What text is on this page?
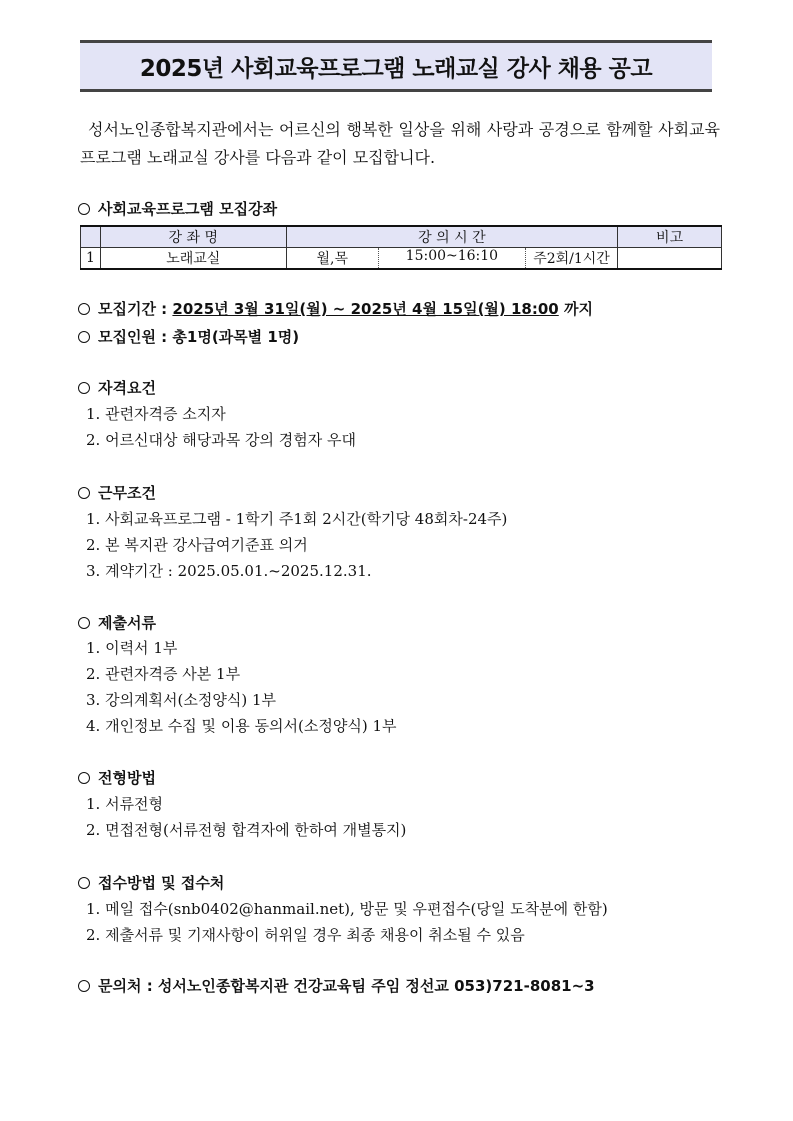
2025년 사회교육프로그램 노래교실 강사 채용 공고

성서노인종합복지관에서는 어르신의 행복한 일상을 위해 사랑과 공경으로 함께할 사회교육프로그램 노래교실 강사를 다음과 같이 모집합니다.

사회교육프로그램 모집강좌
	강 좌 명	강 의 시 간	비고
1	노래교실	월,목 15:00~16:10 주2회/1시간	

모집기간 : 2025년 3월 31일(월) ~ 2025년 4월 15일(월) 18:00 까지
모집인원 : 총1명(과목별 1명)
자격요건
1. 관련자격증 소지자
2. 어르신대상 해당과목 강의 경험자 우대
근무조건
1. 사회교육프로그램 - 1학기 주1회 2시간(학기당 48회차-24주)
2. 본 복지관 강사급여기준표 의거
3. 계약기간 : 2025.05.01.~2025.12.31.
제출서류
1. 이력서 1부
2. 관련자격증 사본 1부
3. 강의계획서(소정양식) 1부
4. 개인정보 수집 및 이용 동의서(소정양식) 1부
전형방법
1. 서류전형
2. 면접전형(서류전형 합격자에 한하여 개별통지)
접수방법 및 접수처
1. 메일 접수(snb0402@hanmail.net), 방문 및 우편접수(당일 도착분에 한함)
2. 제출서류 및 기재사항이 허위일 경우 최종 채용이 취소될 수 있음
문의처 : 성서노인종합복지관 건강교육팀 주임 정선교 053)721-8081~3
